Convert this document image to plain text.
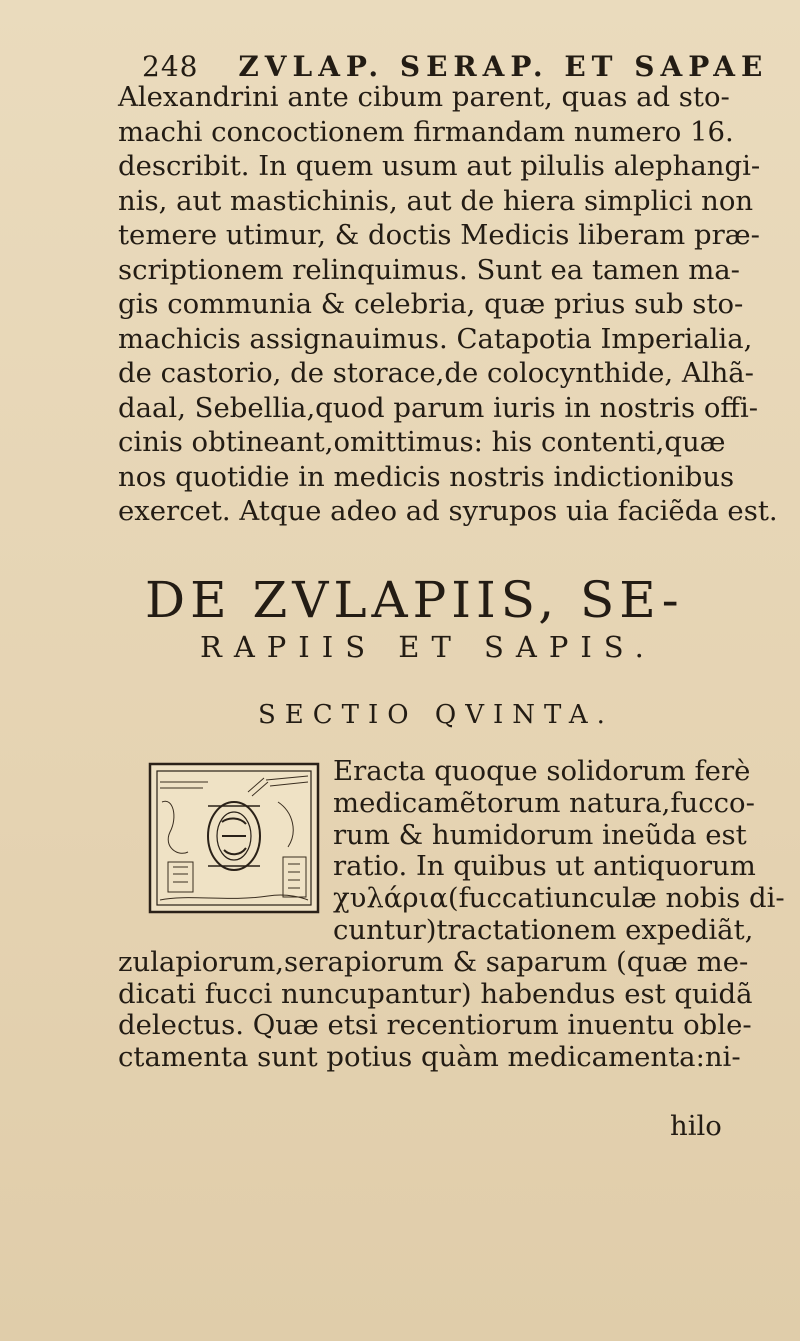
248 ZVLAP. SERAP. ET SAPAE
Alexandrini ante cibum parent, quas ad sto-
machi concoctionem firmandam numero 16.
describit. In quem usum aut pilulis alephangi-
nis, aut mastichinis, aut de hiera simplici non
temere utimur, & doctis Medicis liberam præ-
scriptionem relinquimus. Sunt ea tamen ma-
gis communia & celebria, quæ prius sub sto-
machicis assignauimus. Catapotia Imperialia,
de castorio, de storace,de colocynthide, Alhã-
daal, Sebellia,quod parum iuris in nostris offi-
cinis obtineant,omittimus: his contenti,quæ
nos quotidie in medicis nostris indictionibus
exercet. Atque adeo ad syrupos uia faciẽda est.
DE ZVLAPIIS, SE-
RAPIIS ET SAPIS.
SECTIO QVINTA.
Eracta quoque solidorum ferè
medicamẽtorum natura,fucco-
rum & humidorum ineũda est
ratio. In quibus ut antiquorum
χυλάρια(fuccatiunculæ nobis di-
cuntur)tractationem expediãt,
zulapiorum,serapiorum & saparum (quæ me-
dicati fucci nuncupantur) habendus est quidã
delectus. Quæ etsi recentiorum inuentu oble-
ctamenta sunt potius quàm medicamenta:ni-
hilo
